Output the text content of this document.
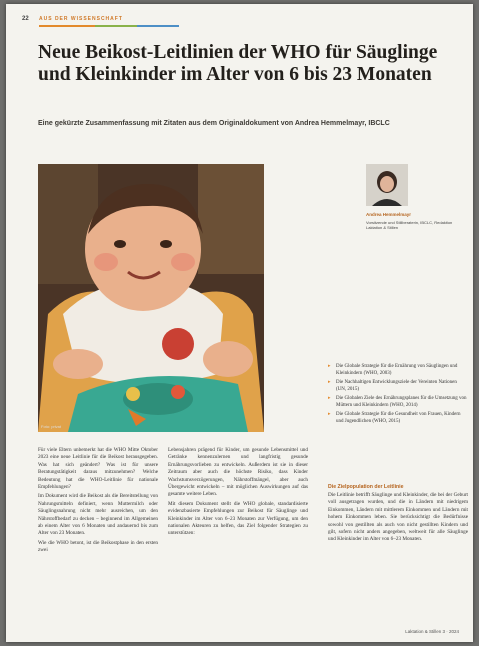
22 AUS DER WISSENSCHAFT
Neue Beikost-Leitlinien der WHO für Säuglinge und Kleinkinder im Alter von 6 bis 23 Monaten
Eine gekürzte Zusammenfassung mit Zitaten aus dem Originaldokument von Andrea Hemmelmayr, IBCLC
Foto: privat
Andrea Hemmelmayr
Vorsitzende und Stillberaterin, IBCLC, Redaktion Laktation & Stillen
▸ Die Globale Strategie für die Ernährung von Säuglingen und Kleinkindern (WHO, 2003)
▸ Die Nachhaltigen Entwicklungsziele der Vereinten Nationen (UN, 2015)
▸ Die Globalen Ziele des Ernährungsplanes für die Umsetzung von Müttern und Kleinkindern (WHO, 2014)
▸ Die Globale Strategie für die Gesundheit von Frauen, Kindern und Jugendlichen (WHO, 2015)

Für viele Eltern unbemerkt hat die WHO Mitte Oktober 2023 eine neue Leitlinie für die Beikost herausgegeben. Was hat sich geändert? Was ist für unsere Beratungstätigkeit daraus mitzunehmen? Welche Bedeutung hat die WHO-Leitlinie für nationale Empfehlungen?

Im Dokument wird die Beikost als die Bereitstellung von Nahrungsmitteln definiert, wenn Muttermilch oder Säuglingsnahrung nicht mehr ausreichen, um den Nährstoffbedarf zu decken – beginnend im Allgemeinen ab einem Alter von 6 Monaten und andauernd bis zum Alter von 23 Monaten.

Wie die WHO betont, ist die Beikostphase in den ersten zwei

Lebensjahren prägend für Kinder, um gesunde Lebensmittel und Getränke kennenzulernen und langfristig gesunde Ernährungsvorlieben zu entwickeln. Außerdem ist sie in dieser Zeitraum aber auch die höchste Risiko, dass Kinder Wachstumsverzögerungen, Nährstoffmängel, aber auch Übergewicht entwickeln – mit möglichen Auswirkungen auf das gesamte weitere Leben.

Mit diesem Dokument stellt die WHO globale, standardisierte evidenzbasierte Empfehlungen zur Beikost für Säuglinge und Kleinkinder im Alter von 6–23 Monaten zur Verfügung, um den nationalen Akteuren zu helfen, das Ziel folgender Strategien zu unterstützen:

Die Zielpopulation der Leitlinie

Die Leitlinie betrifft Säuglinge und Kleinkinder, die bei der Geburt voll ausgetragen wurden, und die in Ländern mit niedrigem Einkommen, Ländern mit mittlerem Einkommen und Ländern mit hohem Einkommen leben. Sie berücksichtigt die Bedürfnisse sowohl von gestillten als auch von nicht gestillten Kindern und gilt, sofern nicht anders angegeben, weltweit für alle Säuglinge und Kleinkinder im Alter von 6–23 Monaten.

Laktation & Stillen 3 · 2024
